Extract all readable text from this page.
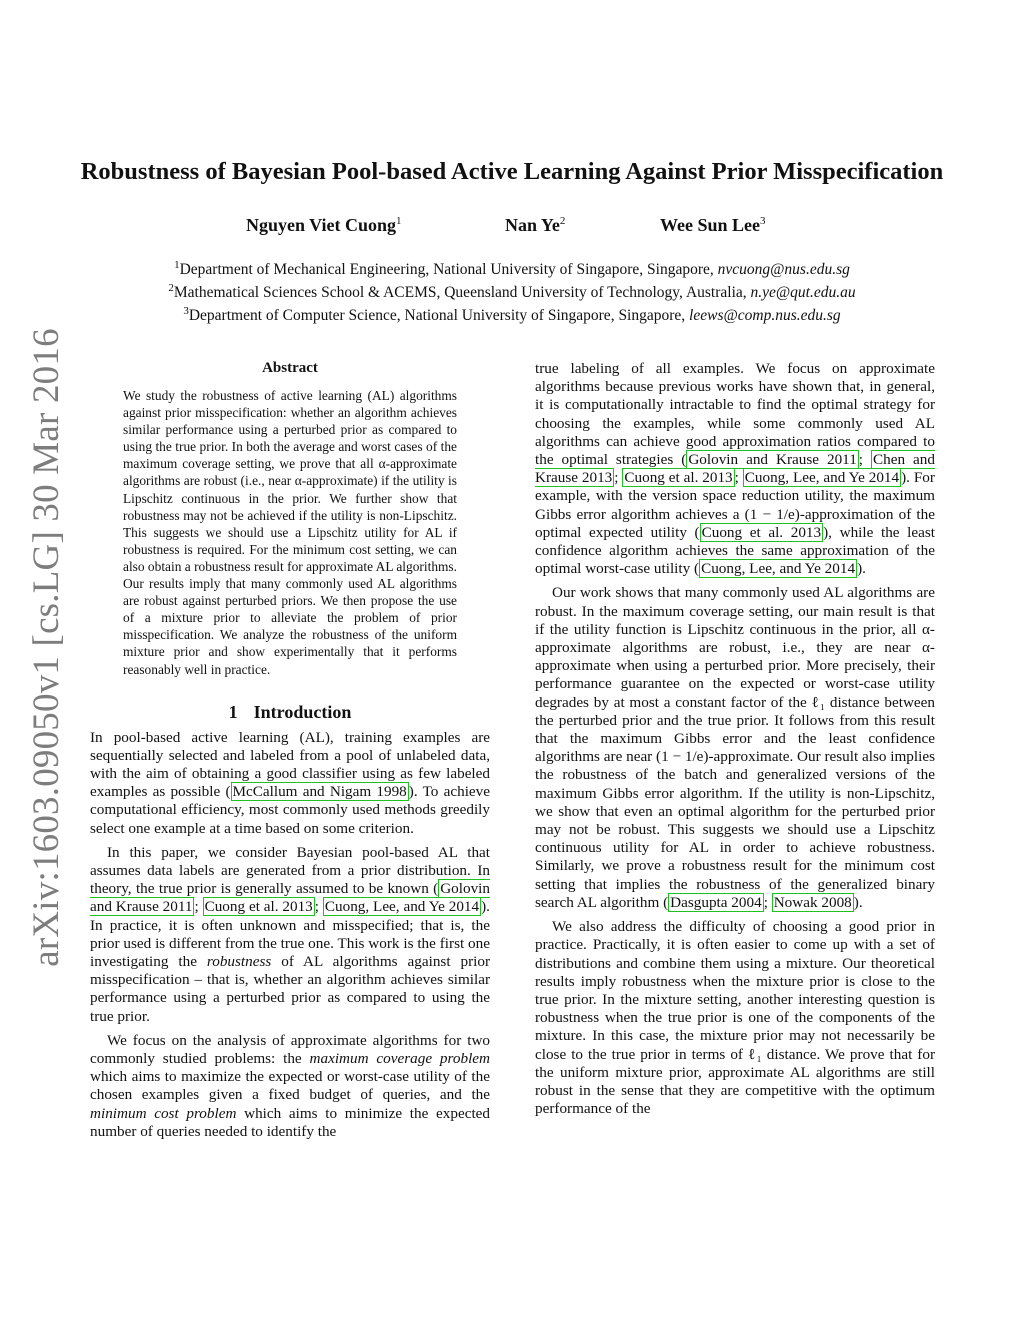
arXiv:1603.09050v1 [cs.LG] 30 Mar 2016
Robustness of Bayesian Pool-based Active Learning Against Prior Misspecification
Nguyen Viet Cuong$^1$	Nan Ye$^2$	Wee Sun Lee$^3$
$^1$Department of Mechanical Engineering, National University of Singapore, Singapore, nvcuong@nus.edu.sg
$^2$Mathematical Sciences School & ACEMS, Queensland University of Technology, Australia, n.ye@qut.edu.au
$^3$Department of Computer Science, National University of Singapore, Singapore, leews@comp.nus.edu.sg
Abstract
We study the robustness of active learning (AL) algorithms against prior misspecification: whether an algorithm achieves similar performance using a perturbed prior as compared to using the true prior. In both the average and worst cases of the maximum coverage setting, we prove that all α-approximate algorithms are robust (i.e., near α-approximate) if the utility is Lipschitz continuous in the prior. We further show that robustness may not be achieved if the utility is non-Lipschitz. This suggests we should use a Lipschitz utility for AL if robustness is required. For the minimum cost setting, we can also obtain a robustness result for approximate AL algorithms. Our results imply that many commonly used AL algorithms are robust against perturbed priors. We then propose the use of a mixture prior to alleviate the problem of prior misspecification. We analyze the robustness of the uniform mixture prior and show experimentally that it performs reasonably well in practice.
1 Introduction

In pool-based active learning (AL), training examples are sequentially selected and labeled from a pool of unlabeled data, with the aim of obtaining a good classifier using as few labeled examples as possible ( McCallum and Nigam 1998 ). To achieve computational efficiency, most commonly used methods greedily select one example at a time based on some criterion.

In this paper, we consider Bayesian pool-based AL that assumes data labels are generated from a prior distribution. In theory, the true prior is generally assumed to be known ( Golovin and Krause 2011 ; Cuong et al. 2013 ; Cuong, Lee, and Ye 2014 ). In practice, it is often unknown and misspecified; that is, the prior used is different from the true one. This work is the first one investigating the robustness of AL algorithms against prior misspecification – that is, whether an algorithm achieves similar performance using a perturbed prior as compared to using the true prior.

We focus on the analysis of approximate algorithms for two commonly studied problems: the maximum coverage problem which aims to maximize the expected or worst-case utility of the chosen examples given a fixed budget of queries, and the minimum cost problem which aims to minimize the expected number of queries needed to identify the

true labeling of all examples. We focus on approximate algorithms because previous works have shown that, in general, it is computationally intractable to find the optimal strategy for choosing the examples, while some commonly used AL algorithms can achieve good approximation ratios compared to the optimal strategies ( Golovin and Krause 2011 ; Chen and Krause 2013 ; Cuong et al. 2013 ; Cuong, Lee, and Ye 2014 ). For example, with the version space reduction utility, the maximum Gibbs error algorithm achieves a (1 − 1/e)-approximation of the optimal expected utility ( Cuong et al. 2013 ), while the least confidence algorithm achieves the same approximation of the optimal worst-case utility ( Cuong, Lee, and Ye 2014 ).

Our work shows that many commonly used AL algorithms are robust. In the maximum coverage setting, our main result is that if the utility function is Lipschitz continuous in the prior, all α-approximate algorithms are robust, i.e., they are near α-approximate when using a perturbed prior. More precisely, their performance guarantee on the expected or worst-case utility degrades by at most a constant factor of the ℓ₁ distance between the perturbed prior and the true prior. It follows from this result that the maximum Gibbs error and the least confidence algorithms are near (1 − 1/e)-approximate. Our result also implies the robustness of the batch and generalized versions of the maximum Gibbs error algorithm. If the utility is non-Lipschitz, we show that even an optimal algorithm for the perturbed prior may not be robust. This suggests we should use a Lipschitz continuous utility for AL in order to achieve robustness. Similarly, we prove a robustness result for the minimum cost setting that implies the robustness of the generalized binary search AL algorithm ( Dasgupta 2004 ; Nowak 2008 ).

We also address the difficulty of choosing a good prior in practice. Practically, it is often easier to come up with a set of distributions and combine them using a mixture. Our theoretical results imply robustness when the mixture prior is close to the true prior. In the mixture setting, another interesting question is robustness when the true prior is one of the components of the mixture. In this case, the mixture prior may not necessarily be close to the true prior in terms of ℓ₁ distance. We prove that for the uniform mixture prior, approximate AL algorithms are still robust in the sense that they are competitive with the optimum performance of the
